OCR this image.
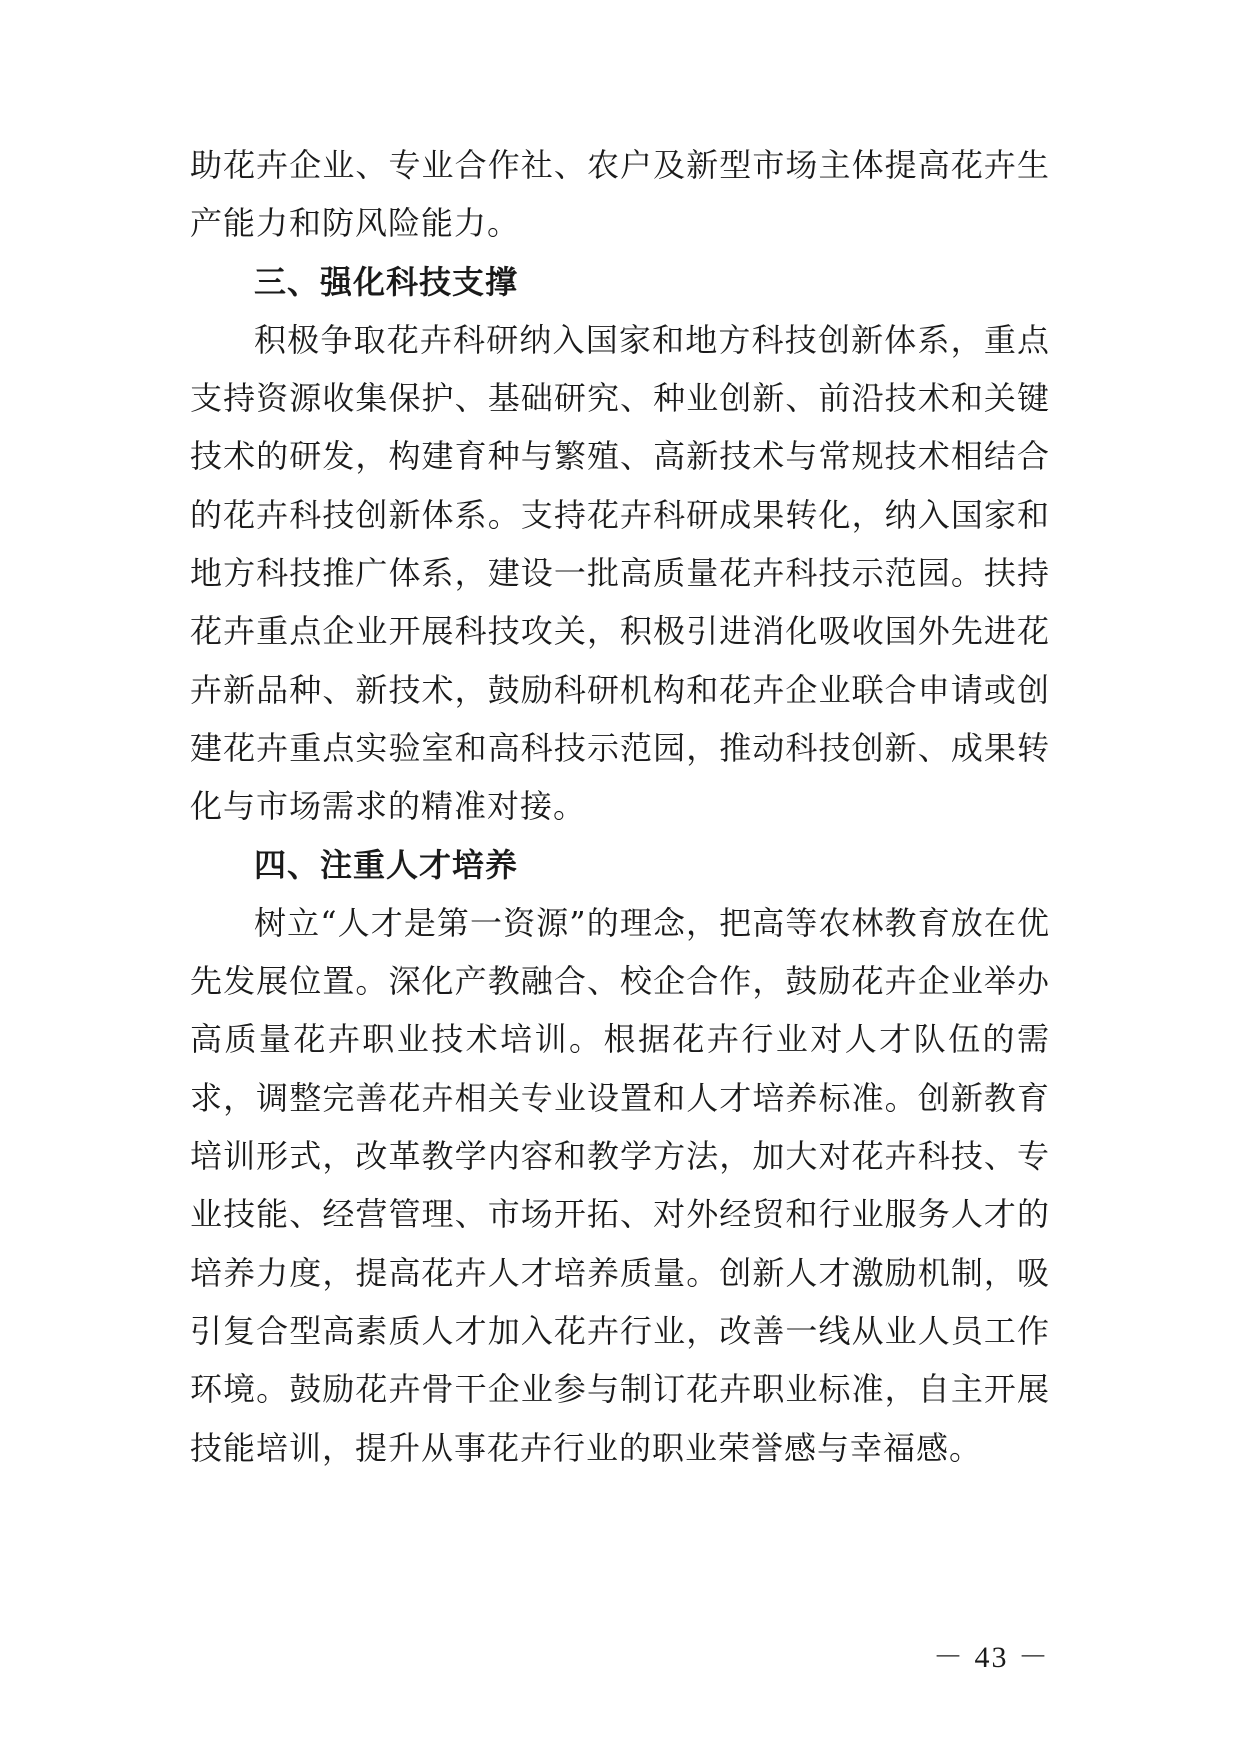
助花卉企业、专业合作社、农户及新型市场主体提高花卉生产能力和防风险能力。

三、强化科技支撑

积极争取花卉科研纳入国家和地方科技创新体系，重点支持资源收集保护、基础研究、种业创新、前沿技术和关键技术的研发，构建育种与繁殖、高新技术与常规技术相结合的花卉科技创新体系。支持花卉科研成果转化，纳入国家和地方科技推广体系，建设一批高质量花卉科技示范园。扶持花卉重点企业开展科技攻关，积极引进消化吸收国外先进花卉新品种、新技术，鼓励科研机构和花卉企业联合申请或创建花卉重点实验室和高科技示范园，推动科技创新、成果转化与市场需求的精准对接。

四、注重人才培养

树立“人才是第一资源”的理念，把高等农林教育放在优先发展位置。深化产教融合、校企合作，鼓励花卉企业举办高质量花卉职业技术培训。根据花卉行业对人才队伍的需求，调整完善花卉相关专业设置和人才培养标准。创新教育培训形式，改革教学内容和教学方法，加大对花卉科技、专业技能、经营管理、市场开拓、对外经贸和行业服务人才的培养力度，提高花卉人才培养质量。创新人才激励机制，吸引复合型高素质人才加入花卉行业，改善一线从业人员工作环境。鼓励花卉骨干企业参与制订花卉职业标准，自主开展技能培训，提升从事花卉行业的职业荣誉感与幸福感。

－ 43 －
